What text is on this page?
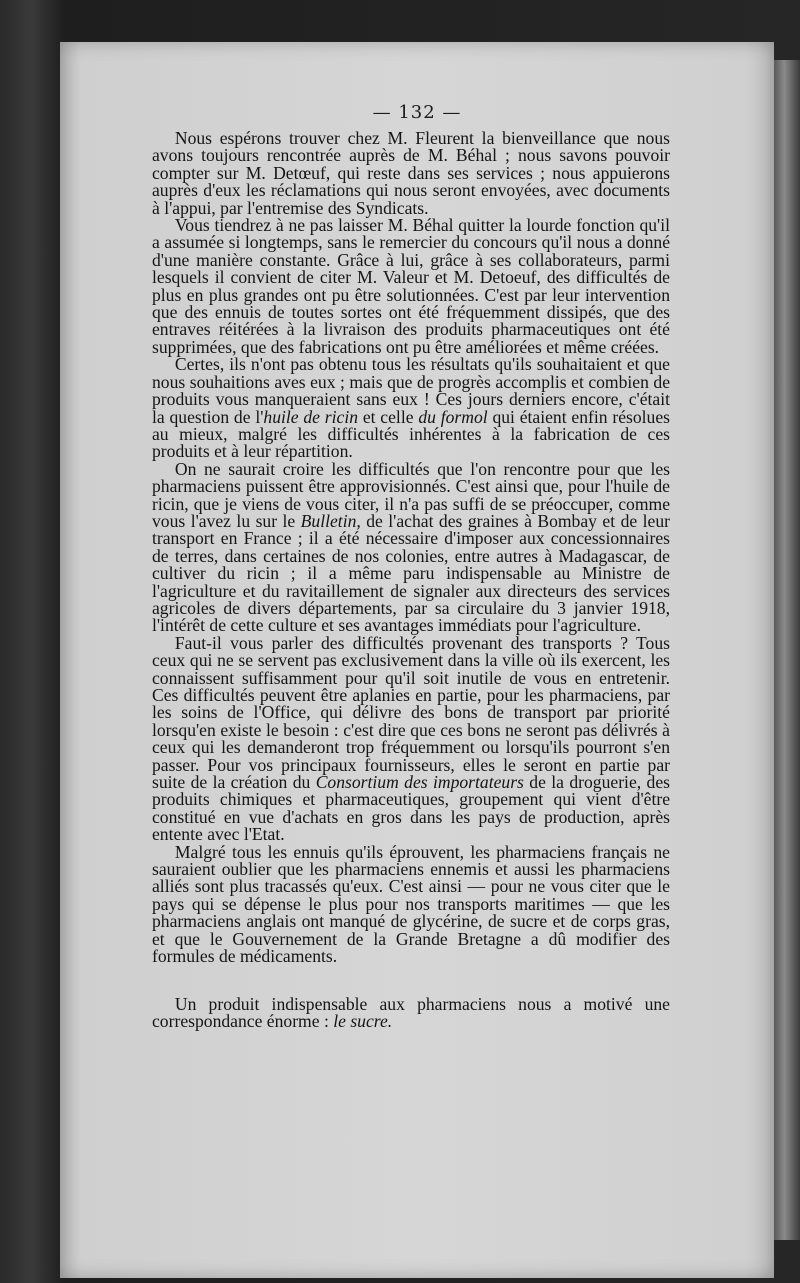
— 132 —

Nous espérons trouver chez M. Fleurent la bienveillance que nous avons toujours rencontrée auprès de M. Béhal ; nous savons pouvoir compter sur M. Detœuf, qui reste dans ses services ; nous appuierons auprès d'eux les réclamations qui nous seront envoyées, avec documents à l'appui, par l'entremise des Syndicats.

Vous tiendrez à ne pas laisser M. Béhal quitter la lourde fonction qu'il a assumée si longtemps, sans le remercier du concours qu'il nous a donné d'une manière constante. Grâce à lui, grâce à ses collaborateurs, parmi lesquels il convient de citer M. Valeur et M. Detoeuf, des difficultés de plus en plus grandes ont pu être solutionnées. C'est par leur intervention que des ennuis de toutes sortes ont été fréquemment dissipés, que des entraves réitérées à la livraison des produits pharmaceutiques ont été supprimées, que des fabrications ont pu être améliorées et même créées.

Certes, ils n'ont pas obtenu tous les résultats qu'ils souhaitaient et que nous souhaitions aves eux ; mais que de progrès accomplis et combien de produits vous manqueraient sans eux ! Ces jours derniers encore, c'était la question de l'huile de ricin et celle du formol qui étaient enfin résolues au mieux, malgré les difficultés inhérentes à la fabrication de ces produits et à leur répartition.

On ne saurait croire les difficultés que l'on rencontre pour que les pharmaciens puissent être approvisionnés. C'est ainsi que, pour l'huile de ricin, que je viens de vous citer, il n'a pas suffi de se préoccuper, comme vous l'avez lu sur le Bulletin, de l'achat des graines à Bombay et de leur transport en France ; il a été nécessaire d'imposer aux concessionnaires de terres, dans certaines de nos colonies, entre autres à Madagascar, de cultiver du ricin ; il a même paru indispensable au Ministre de l'agriculture et du ravitaillement de signaler aux directeurs des services agricoles de divers départements, par sa circulaire du 3 janvier 1918, l'intérêt de cette culture et ses avantages immédiats pour l'agriculture.

Faut-il vous parler des difficultés provenant des transports ? Tous ceux qui ne se servent pas exclusivement dans la ville où ils exercent, les connaissent suffisamment pour qu'il soit inutile de vous en entretenir. Ces difficultés peuvent être aplanies en partie, pour les pharmaciens, par les soins de l'Office, qui délivre des bons de transport par priorité lorsqu'en existe le besoin : c'est dire que ces bons ne seront pas délivrés à ceux qui les demanderont trop fréquemment ou lorsqu'ils pourront s'en passer. Pour vos principaux fournisseurs, elles le seront en partie par suite de la création du Consortium des importateurs de la droguerie, des produits chimiques et pharmaceutiques, groupement qui vient d'être constitué en vue d'achats en gros dans les pays de production, après entente avec l'Etat.

Malgré tous les ennuis qu'ils éprouvent, les pharmaciens français ne sauraient oublier que les pharmaciens ennemis et aussi les pharmaciens alliés sont plus tracassés qu'eux. C'est ainsi — pour ne vous citer que le pays qui se dépense le plus pour nos transports maritimes — que les pharmaciens anglais ont manqué de glycérine, de sucre et de corps gras, et que le Gouvernement de la Grande Bretagne a dû modifier des formules de médicaments.

Un produit indispensable aux pharmaciens nous a motivé une correspondance énorme : le sucre.
